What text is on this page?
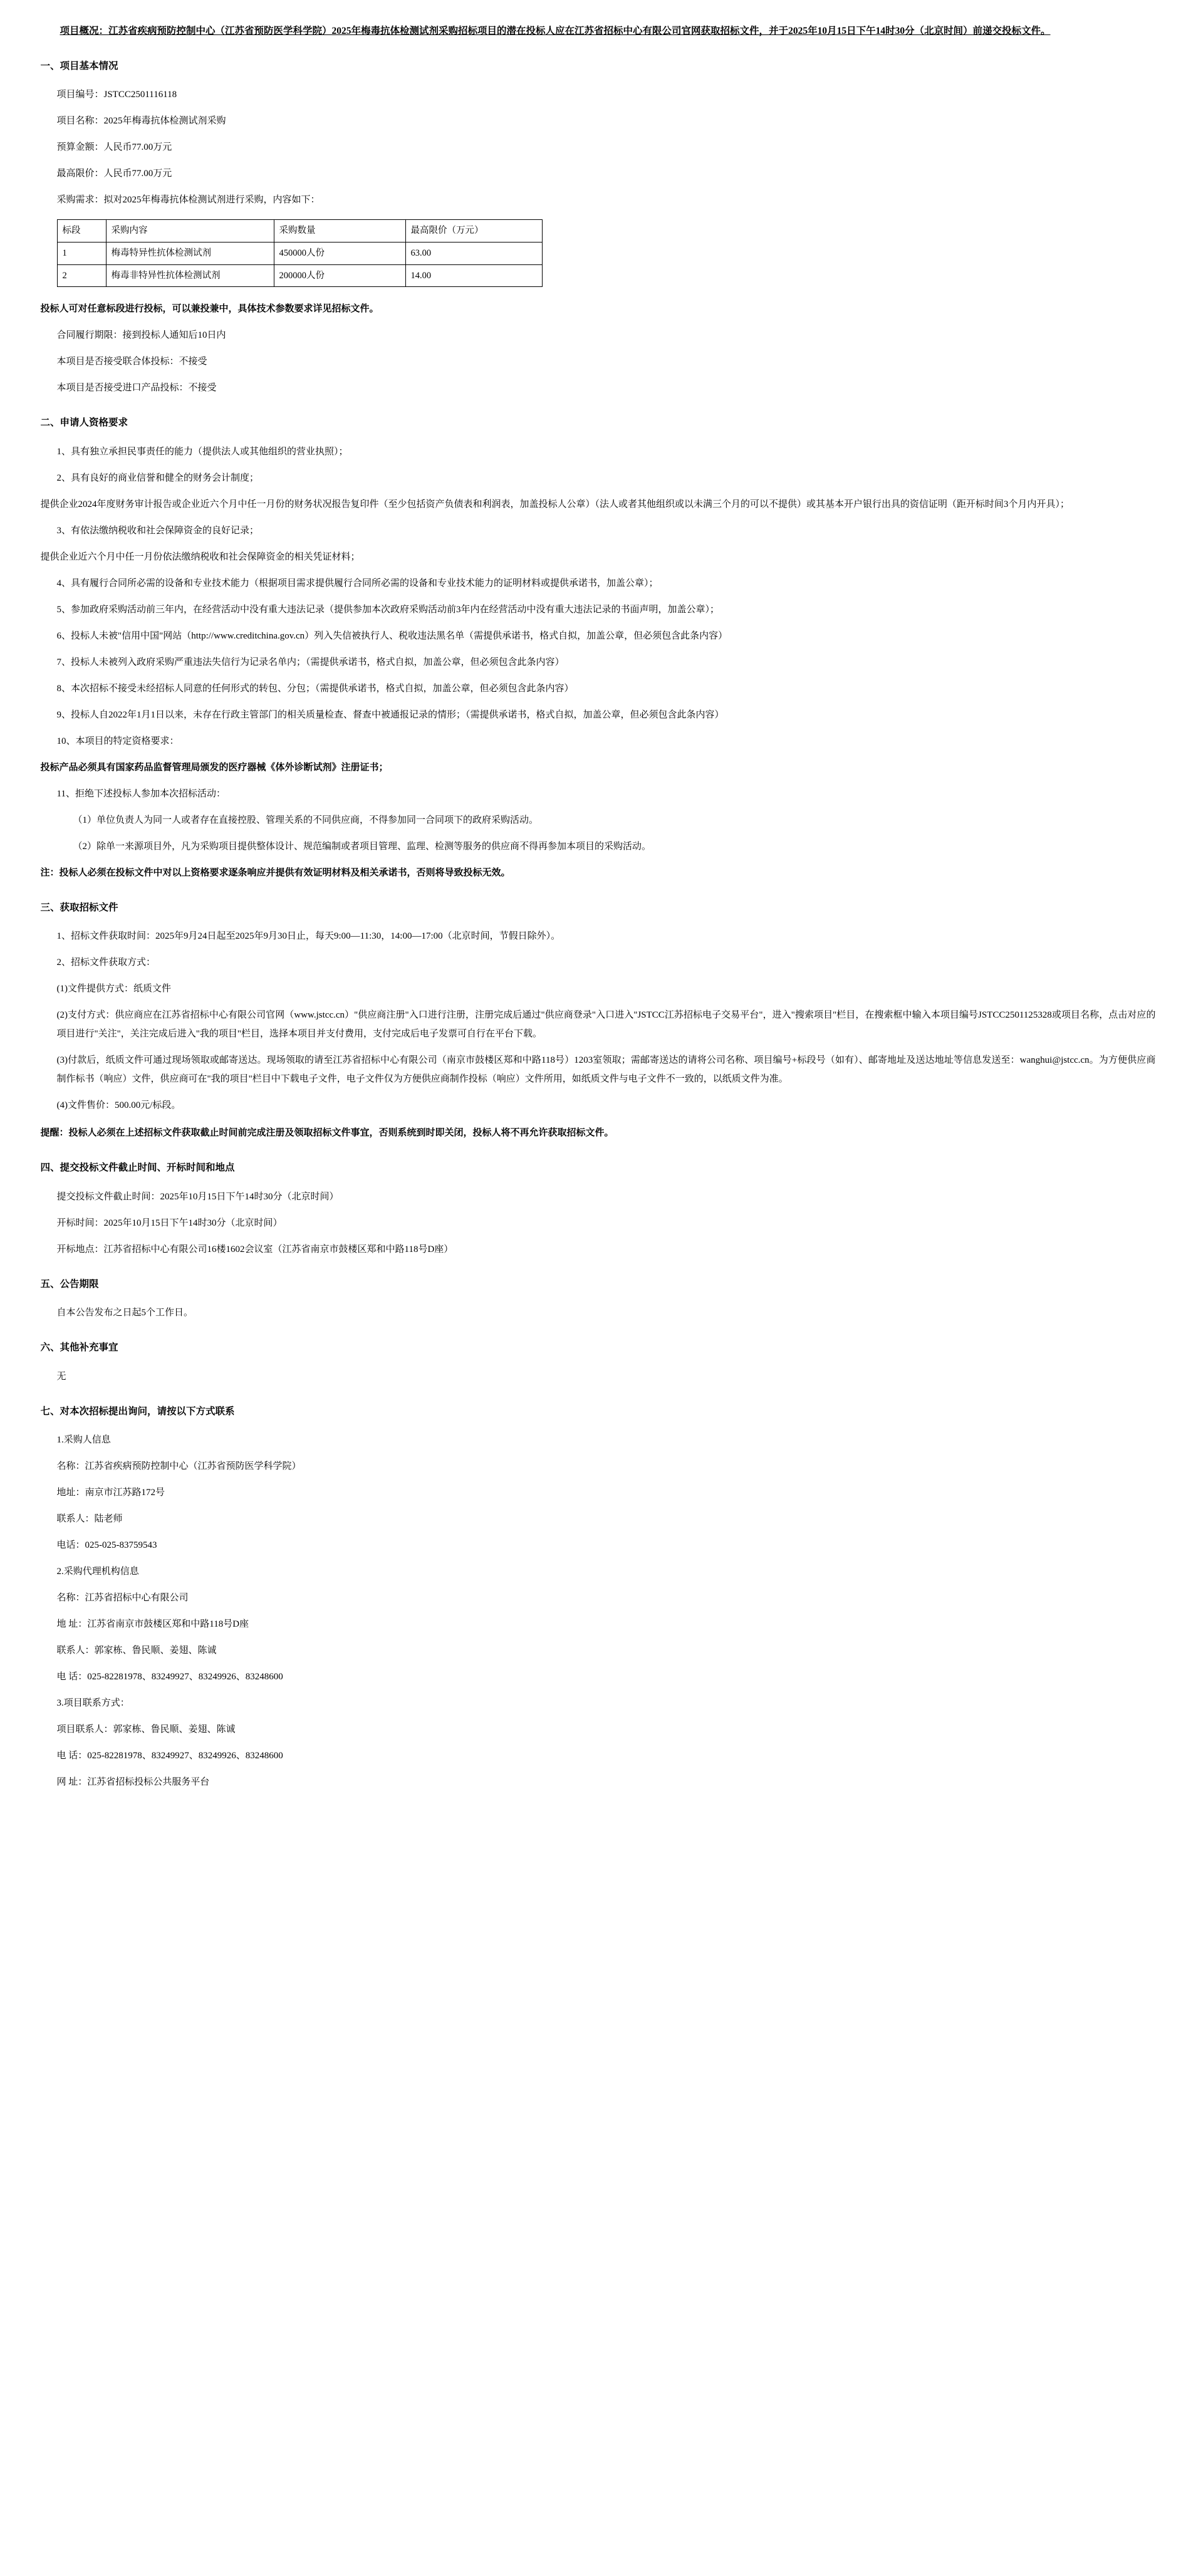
项目概况：江苏省疾病预防控制中心（江苏省预防医学科学院）2025年梅毒抗体检测试剂采购招标项目的潜在投标人应在江苏省招标中心有限公司官网获取招标文件，并于2025年10月15日下午14时30分（北京时间）前递交投标文件。

一、项目基本情况

项目编号：JSTCC2501116118

项目名称：2025年梅毒抗体检测试剂采购

预算金额：人民币77.00万元

最高限价：人民币77.00万元

采购需求：拟对2025年梅毒抗体检测试剂进行采购，内容如下：

标段	采购内容	采购数量	最高限价（万元）
1	梅毒特异性抗体检测试剂	450000人份	63.00
2	梅毒非特异性抗体检测试剂	200000人份	14.00

投标人可对任意标段进行投标，可以兼投兼中，具体技术参数要求详见招标文件。

合同履行期限：接到投标人通知后10日内

本项目是否接受联合体投标：不接受

本项目是否接受进口产品投标：不接受

二、申请人资格要求

1、具有独立承担民事责任的能力（提供法人或其他组织的营业执照）；

2、具有良好的商业信誉和健全的财务会计制度；

提供企业2024年度财务审计报告或企业近六个月中任一月份的财务状况报告复印件（至少包括资产负债表和利润表，加盖投标人公章）（法人或者其他组织或以未满三个月的可以不提供）或其基本开户银行出具的资信证明（距开标时间3个月内开具）；

3、有依法缴纳税收和社会保障资金的良好记录；

提供企业近六个月中任一月份依法缴纳税收和社会保障资金的相关凭证材料；

4、具有履行合同所必需的设备和专业技术能力（根据项目需求提供履行合同所必需的设备和专业技术能力的证明材料或提供承诺书，加盖公章）；

5、参加政府采购活动前三年内，在经营活动中没有重大违法记录（提供参加本次政府采购活动前3年内在经营活动中没有重大违法记录的书面声明，加盖公章）；

6、投标人未被"信用中国"网站（http://www.creditchina.gov.cn）列入失信被执行人、税收违法黑名单（需提供承诺书，格式自拟，加盖公章，但必须包含此条内容）

7、投标人未被列入政府采购严重违法失信行为记录名单内；（需提供承诺书，格式自拟，加盖公章，但必须包含此条内容）

8、本次招标不接受未经招标人同意的任何形式的转包、分包；（需提供承诺书，格式自拟，加盖公章，但必须包含此条内容）

9、投标人自2022年1月1日以来，未存在行政主管部门的相关质量检查、督查中被通报记录的情形；（需提供承诺书，格式自拟，加盖公章，但必须包含此条内容）

10、本项目的特定资格要求：

投标产品必须具有国家药品监督管理局颁发的医疗器械《体外诊断试剂》注册证书；

11、拒绝下述投标人参加本次招标活动：

（1）单位负责人为同一人或者存在直接控股、管理关系的不同供应商，不得参加同一合同项下的政府采购活动。

（2）除单一来源项目外，凡为采购项目提供整体设计、规范编制或者项目管理、监理、检测等服务的供应商不得再参加本项目的采购活动。

注：投标人必须在投标文件中对以上资格要求逐条响应并提供有效证明材料及相关承诺书，否则将导致投标无效。

三、获取招标文件

1、招标文件获取时间：2025年9月24日起至2025年9月30日止，每天9:00—11:30，14:00—17:00（北京时间，节假日除外）。

2、招标文件获取方式：

(1)文件提供方式：纸质文件

(2)支付方式：供应商应在江苏省招标中心有限公司官网（www.jstcc.cn）"供应商注册"入口进行注册，注册完成后通过"供应商登录"入口进入"JSTCC江苏招标电子交易平台"，进入"搜索项目"栏目，在搜索框中输入本项目编号JSTCC2501125328或项目名称，点击对应的项目进行"关注"，关注完成后进入"我的项目"栏目，选择本项目并支付费用，支付完成后电子发票可自行在平台下载。

(3)付款后，纸质文件可通过现场领取或邮寄送达。现场领取的请至江苏省招标中心有限公司（南京市鼓楼区郑和中路118号）1203室领取；需邮寄送达的请将公司名称、项目编号+标段号（如有）、邮寄地址及送达地址等信息发送至：wanghui@jstcc.cn。为方便供应商制作标书（响应）文件，供应商可在"我的项目"栏目中下载电子文件，电子文件仅为方便供应商制作投标（响应）文件所用，如纸质文件与电子文件不一致的，以纸质文件为准。

(4)文件售价：500.00元/标段。

提醒：投标人必须在上述招标文件获取截止时间前完成注册及领取招标文件事宜，否则系统到时即关闭，投标人将不再允许获取招标文件。

四、提交投标文件截止时间、开标时间和地点

提交投标文件截止时间：2025年10月15日下午14时30分（北京时间）

开标时间：2025年10月15日下午14时30分（北京时间）

开标地点：江苏省招标中心有限公司16楼1602会议室（江苏省南京市鼓楼区郑和中路118号D座）

五、公告期限

自本公告发布之日起5个工作日。

六、其他补充事宜

无

七、对本次招标提出询问，请按以下方式联系

1.采购人信息

名称：江苏省疾病预防控制中心（江苏省预防医学科学院）

地址：南京市江苏路172号

联系人：陆老师

电话：025-025-83759543

2.采购代理机构信息

名称：江苏省招标中心有限公司

地 址：江苏省南京市鼓楼区郑和中路118号D座

联系人：郭家栋、鲁民顺、姜翅、陈诚

电 话：025-82281978、83249927、83249926、83248600

3.项目联系方式：

项目联系人：郭家栋、鲁民顺、姜翅、陈诚

电 话：025-82281978、83249927、83249926、83248600

网 址：江苏省招标投标公共服务平台
